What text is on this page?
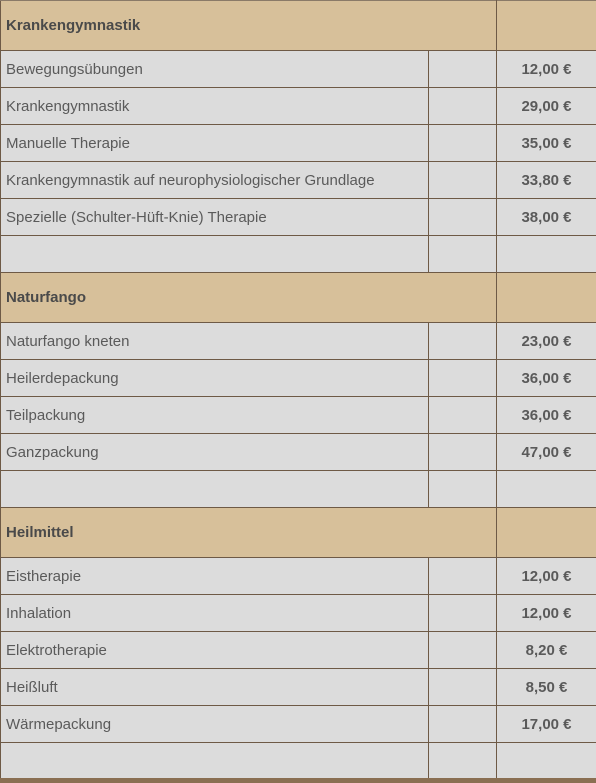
Krankengymnastik		
Bewegungsübungen		12,00 €
Krankengymnastik		29,00 €
Manuelle Therapie		35,00 €
Krankengymnastik auf neurophysiologischer Grundlage		33,80 €
Spezielle (Schulter-Hüft-Knie) Therapie		38,00 €

Naturfango		
Naturfango kneten		23,00 €
Heilerdepackung		36,00 €
Teilpackung		36,00 €
Ganzpackung		47,00 €

Heilmittel		
Eistherapie		12,00 €
Inhalation		12,00 €
Elektrotherapie		8,20 €
Heißluft		8,50 €
Wärmepackung		17,00 €
